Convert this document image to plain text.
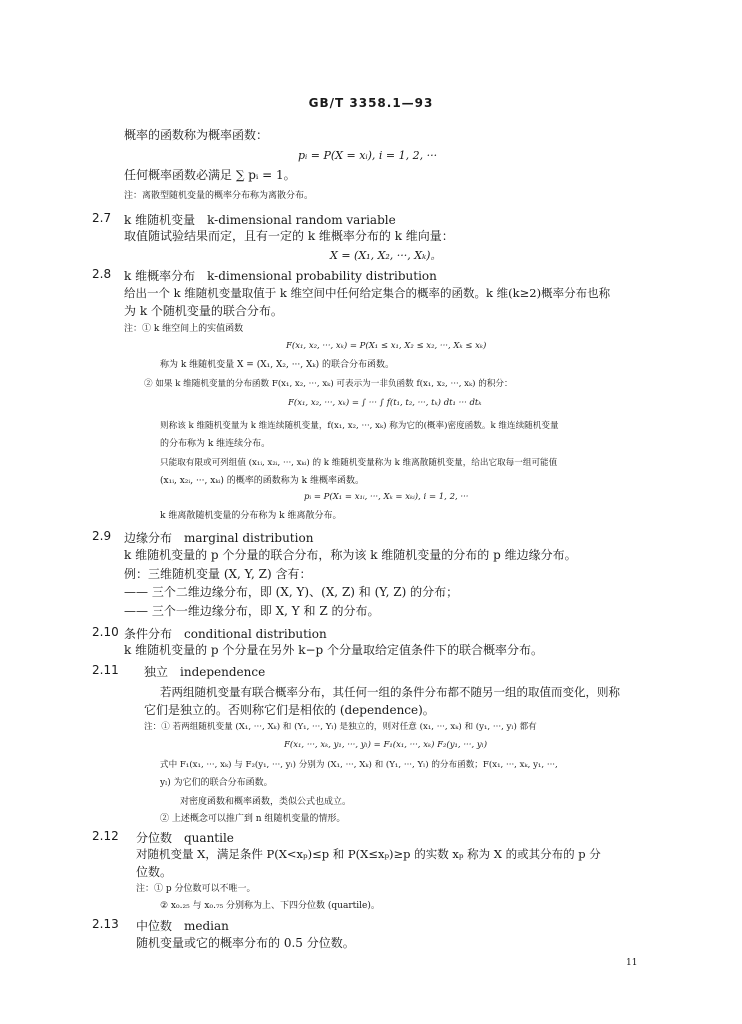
GB/T 3358.1—93
概率的函数称为概率函数：
pᵢ = P(X = xᵢ), i = 1, 2, ···
任何概率函数必满足 ∑ pᵢ = 1。
注：离散型随机变量的概率分布称为离散分布。
2.7 k 维随机变量　k-dimensional random variable
取值随试验结果而定，且有一定的 k 维概率分布的 k 维向量：
X = (X₁, X₂, ···, Xₖ)。
2.8 k 维概率分布　k-dimensional probability distribution
给出一个 k 维随机变量取值于 k 维空间中任何给定集合的概率的函数。k 维(k≥2)概率分布也称
为 k 个随机变量的联合分布。
注：① k 维空间上的实值函数
F(x₁, x₂, ···, xₖ) = P(X₁ ≤ x₁, X₂ ≤ x₂, ···, Xₖ ≤ xₖ)
称为 k 维随机变量 X = (X₁, X₂, ···, Xₖ) 的联合分布函数。
② 如果 k 维随机变量的分布函数 F(x₁, x₂, ···, xₖ) 可表示为一非负函数 f(x₁, x₂, ···, xₖ) 的积分：
F(x₁, x₂, ···, xₖ) = ∫ ··· ∫ f(t₁, t₂, ···, tₖ) dt₁ ··· dtₖ
则称该 k 维随机变量为 k 维连续随机变量，f(x₁, x₂, ···, xₖ) 称为它的(概率)密度函数。k 维连续随机变量
的分布称为 k 维连续分布。
只能取有限或可列组值 (x₁ᵢ, x₂ᵢ, ···, xₖᵢ) 的 k 维随机变量称为 k 维离散随机变量，给出它取每一组可能值
(x₁ᵢ, x₂ᵢ, ···, xₖᵢ) 的概率的函数称为 k 维概率函数。
pᵢ = P(X₁ = x₁ᵢ, ···, Xₖ = xₖᵢ), i = 1, 2, ···
k 维离散随机变量的分布称为 k 维离散分布。
2.9 边缘分布　marginal distribution
k 维随机变量的 p 个分量的联合分布，称为该 k 维随机变量的分布的 p 维边缘分布。
例：三维随机变量 (X, Y, Z) 含有：
—— 三个二维边缘分布，即 (X, Y)、(X, Z) 和 (Y, Z) 的分布；
—— 三个一维边缘分布，即 X, Y 和 Z 的分布。
2.10 条件分布　conditional distribution
k 维随机变量的 p 个分量在另外 k−p 个分量取给定值条件下的联合概率分布。
2.11 独立　independence
若两组随机变量有联合概率分布，其任何一组的条件分布都不随另一组的取值而变化，则称
它们是独立的。否则称它们是相依的 (dependence)。
注：① 若两组随机变量 (X₁, ···, Xₖ) 和 (Y₁, ···, Yₗ) 是独立的，则对任意 (x₁, ···, xₖ) 和 (y₁, ···, yₗ) 都有
F(x₁, ···, xₖ, y₁, ···, yₗ) = F₁(x₁, ···, xₖ) F₂(y₁, ···, yₗ)
式中 F₁(x₁, ···, xₖ) 与 F₂(y₁, ···, yₗ) 分别为 (X₁, ···, Xₖ) 和 (Y₁, ···, Yₗ) 的分布函数；F(x₁, ···, xₖ, y₁, ···,
yₗ) 为它们的联合分布函数。
对密度函数和概率函数，类似公式也成立。
② 上述概念可以推广到 n 组随机变量的情形。
2.12 分位数　quantile
对随机变量 X，满足条件 P(X<xₚ)≤p 和 P(X≤xₚ)≥p 的实数 xₚ 称为 X 的或其分布的 p 分
位数。
注：① p 分位数可以不唯一。
② x₀.₂₅ 与 x₀.₇₅ 分别称为上、下四分位数 (quartile)。
2.13 中位数　median
随机变量或它的概率分布的 0.5 分位数。
11
